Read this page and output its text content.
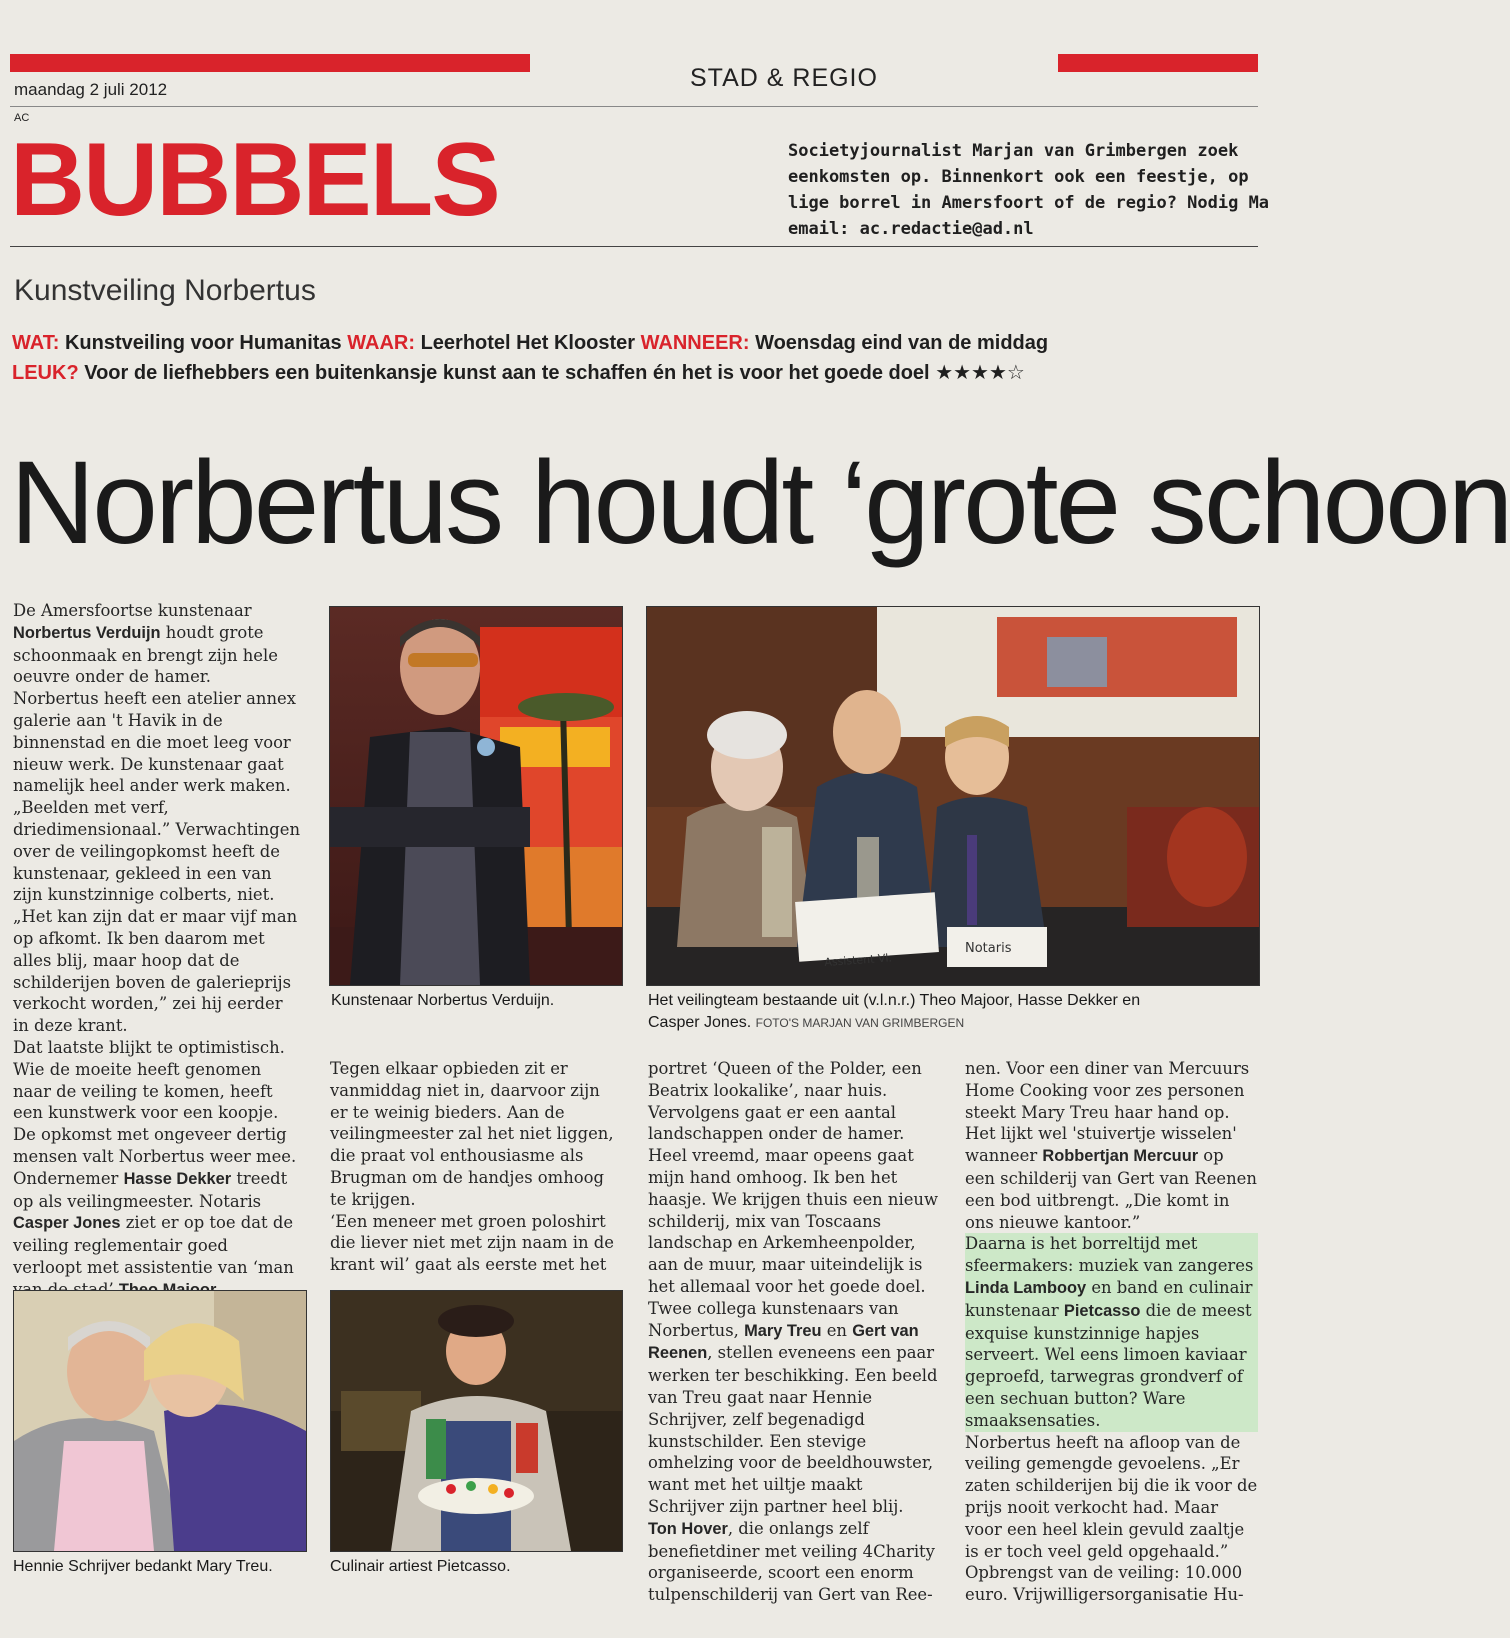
maandag 2 juli 2012	STAD & REGIO
AC
BUBBELS	Societyjournalist Marjan van Grimbergen zoek
eenkomsten op. Binnenkort ook een feestje, op
lige borrel in Amersfoort of de regio? Nodig Ma
email: ac.redactie@ad.nl
Kunstveiling Norbertus
WAT: Kunstveiling voor Humanitas WAAR: Leerhotel Het Klooster WANNEER: Woensdag eind van de middag
LEUK? Voor de liefhebbers een buitenkansje kunst aan te schaffen én het is voor het goede doel ★★★★☆
Norbertus houdt ‘grote schoon

De Amersfoortse kunstenaar Norbertus Verduijn houdt grote schoonmaak en brengt zijn hele oeuvre onder de hamer. Norbertus heeft een atelier annex galerie aan 't Havik in de binnenstad en die moet leeg voor nieuw werk. De kunstenaar gaat namelijk heel ander werk maken. „Beelden met verf, driedimensionaal.” Verwachtingen over de veilingopkomst heeft de kunstenaar, gekleed in een van zijn kunstzinnige colberts, niet. „Het kan zijn dat er maar vijf man op afkomt. Ik ben daarom met alles blij, maar hoop dat de schilderijen boven de galerieprijs verkocht worden,” zei hij eerder in deze krant.

Dat laatste blijkt te optimistisch. Wie de moeite heeft genomen naar de veiling te komen, heeft een kunstwerk voor een koopje. De opkomst met ongeveer dertig mensen valt Norbertus weer mee. Ondernemer Hasse Dekker treedt op als veilingmeester. Notaris Casper Jones ziet er op toe dat de veiling reglementair goed verloopt met assistentie van ‘man

Kunstenaar Norbertus Verduijn.
Assistent Vl.
Notaris
Het veilingteam bestaande uit (v.l.n.r.) Theo Majoor, Hasse Dekker en
Casper Jones. FOTO'S MARJAN VAN GRIMBERGEN

Tegen elkaar opbieden zit er vanmiddag niet in, daarvoor zijn er te weinig bieders. Aan de veilingmeester zal het niet liggen, die praat vol enthousiasme als Brugman om de handjes omhoog te krijgen.

‘Een meneer met groen poloshirt die liever niet met zijn naam in de krant wil’ gaat als eerste met het

portret ‘Queen of the Polder, een Beatrix lookalike’, naar huis. Vervolgens gaat er een aantal landschappen onder de hamer. Heel vreemd, maar opeens gaat mijn hand omhoog. Ik ben het haasje. We krijgen thuis een nieuw schilderij, mix van Toscaans landschap en Arkemheenpolder, aan de muur, maar uiteindelijk is het allemaal voor het goede doel.

Twee collega kunstenaars van Norbertus, Mary Treu en Gert van Reenen, stellen eveneens een paar werken ter beschikking. Een beeld van Treu gaat naar Hennie Schrijver, zelf begenadigd kunstschilder. Een stevige omhelzing voor de beeldhouwster, want met het uiltje maakt Schrijver zijn partner heel blij.

Ton Hover, die onlangs zelf benefietdiner met veiling 4Charity organiseerde, scoort een enorm tulpenschilderij van Gert van Ree-

nen. Voor een diner van Mercuurs Home Cooking voor zes personen steekt Mary Treu haar hand op. Het lijkt wel 'stuivertje wisselen' wanneer Robbertjan Mercuur op een schilderij van Gert van Reenen een bod uitbrengt. „Die komt in ons nieuwe kantoor.”

Daarna is het borreltijd met sfeermakers: muziek van zangeres Linda Lambooy en band en culinair kunstenaar Pietcasso die de meest exquise kunstzinnige hapjes serveert. Wel eens limoen kaviaar geproefd, tarwegras grondverf of een sechuan button? Ware smaaksensaties.

Norbertus heeft na afloop van de veiling gemengde gevoelens. „Er zaten schilderijen bij die ik voor de prijs nooit verkocht had. Maar voor een heel klein gevuld zaaltje is er toch veel geld opgehaald.” Opbrengst van de veiling: 10.000 euro. Vrijwilligersorganisatie Hu-

Hennie Schrijver bedankt Mary Treu.	Culinair artiest Pietcasso.
